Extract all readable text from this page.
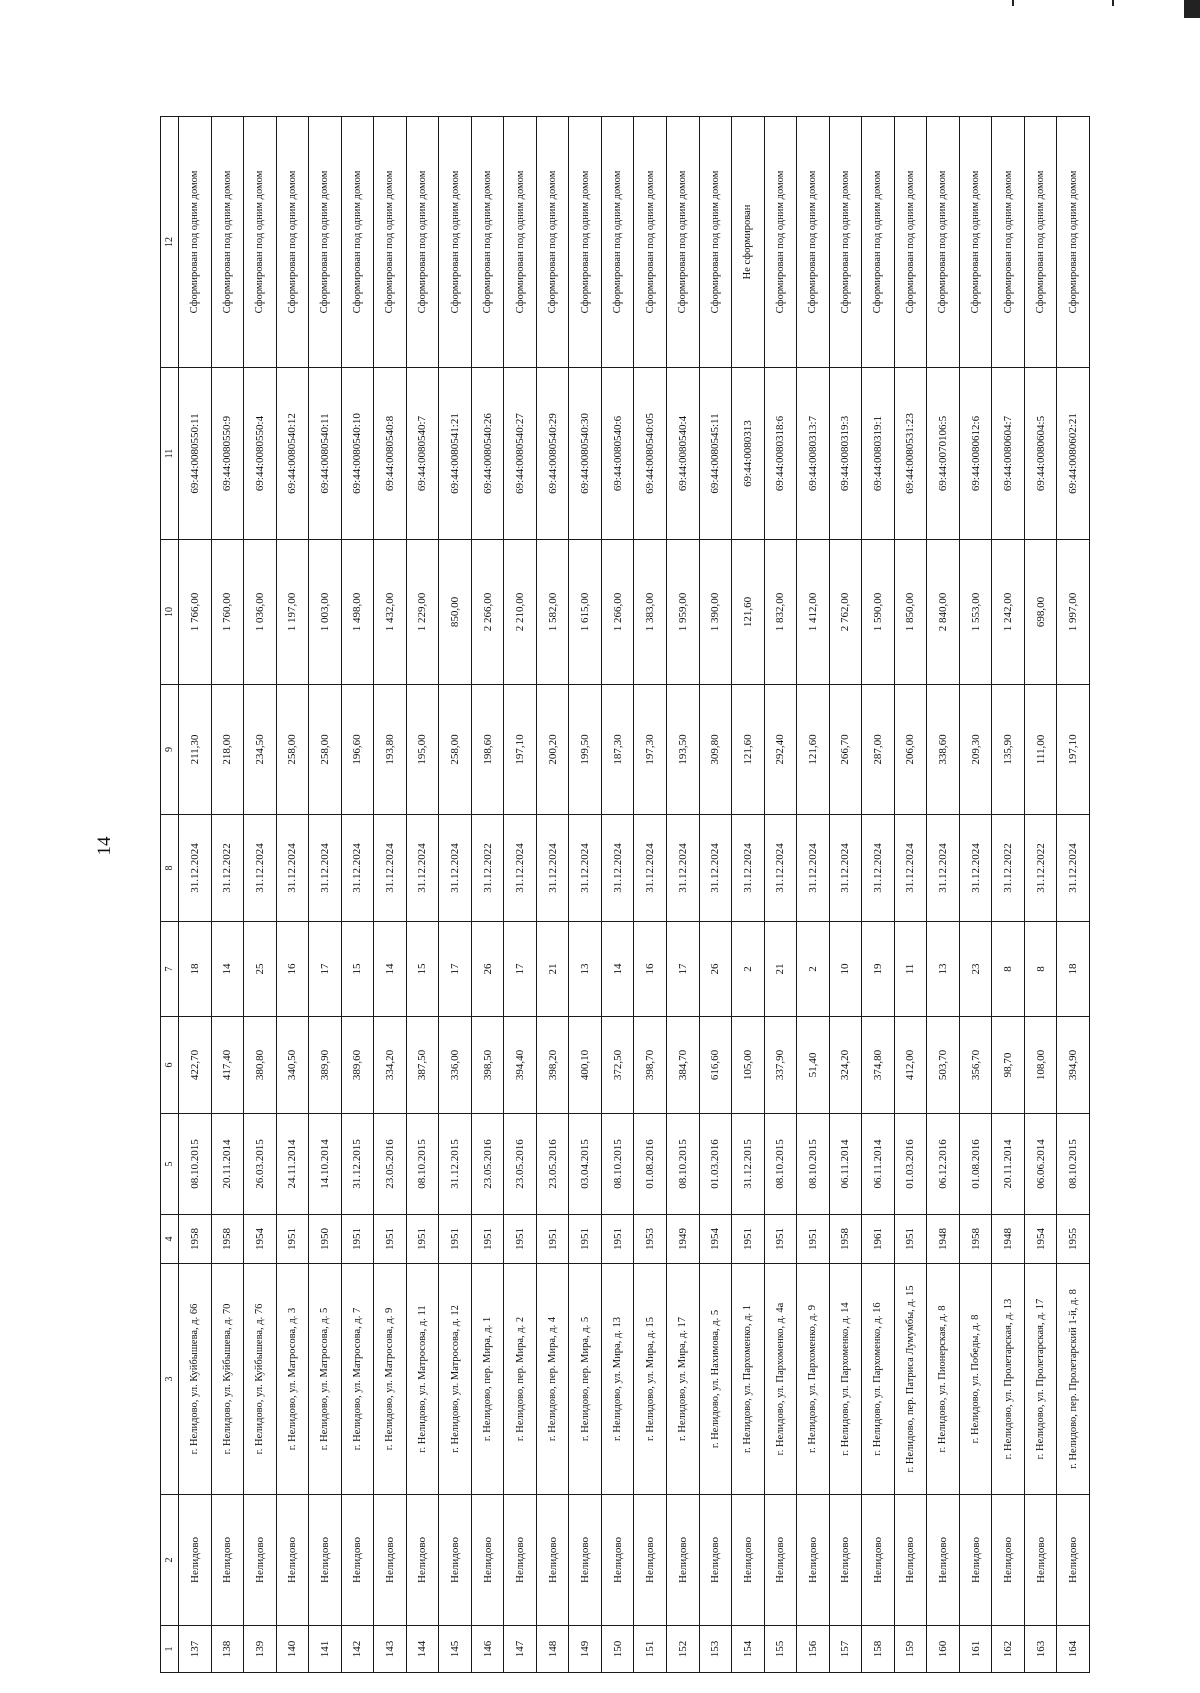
14
1	2	3	4	5	6	7	8	9	10	11	12
137	Нелидово	г. Нелидово, ул. Куйбышева, д. 66	1958	08.10.2015	422,70	18	31.12.2024	211,30	1 766,00	69:44:0080550:11	Сформирован под одним домом
138	Нелидово	г. Нелидово, ул. Куйбышева, д. 70	1958	20.11.2014	417,40	14	31.12.2022	218,00	1 760,00	69:44:0080550:9	Сформирован под одним домом
139	Нелидово	г. Нелидово, ул. Куйбышева, д. 76	1954	26.03.2015	380,80	25	31.12.2024	234,50	1 036,00	69:44:0080550:4	Сформирован под одним домом
140	Нелидово	г. Нелидово, ул. Матросова, д. 3	1951	24.11.2014	340,50	16	31.12.2024	258,00	1 197,00	69:44:0080540:12	Сформирован под одним домом
141	Нелидово	г. Нелидово, ул. Матросова, д. 5	1950	14.10.2014	389,90	17	31.12.2024	258,00	1 003,00	69:44:0080540:11	Сформирован под одним домом
142	Нелидово	г. Нелидово, ул. Матросова, д. 7	1951	31.12.2015	389,60	15	31.12.2024	196,60	1 498,00	69:44:0080540:10	Сформирован под одним домом
143	Нелидово	г. Нелидово, ул. Матросова, д. 9	1951	23.05.2016	334,20	14	31.12.2024	193,80	1 432,00	69:44:0080540:8	Сформирован под одним домом
144	Нелидово	г. Нелидово, ул. Матросова, д. 11	1951	08.10.2015	387,50	15	31.12.2024	195,00	1 229,00	69:44:0080540:7	Сформирован под одним домом
145	Нелидово	г. Нелидово, ул. Матросова, д. 12	1951	31.12.2015	336,00	17	31.12.2024	258,00	850,00	69:44:0080541:21	Сформирован под одним домом
146	Нелидово	г. Нелидово, пер. Мира, д. 1	1951	23.05.2016	398,50	26	31.12.2022	198,60	2 266,00	69:44:0080540:26	Сформирован под одним домом
147	Нелидово	г. Нелидово, пер. Мира, д. 2	1951	23.05.2016	394,40	17	31.12.2024	197,10	2 210,00	69:44:0080540:27	Сформирован под одним домом
148	Нелидово	г. Нелидово, пер. Мира, д. 4	1951	23.05.2016	398,20	21	31.12.2024	200,20	1 582,00	69:44:0080540:29	Сформирован под одним домом
149	Нелидово	г. Нелидово, пер. Мира, д. 5	1951	03.04.2015	400,10	13	31.12.2024	199,50	1 615,00	69:44:0080540:30	Сформирован под одним домом
150	Нелидово	г. Нелидово, ул. Мира, д. 13	1951	08.10.2015	372,50	14	31.12.2024	187,30	1 266,00	69:44:0080540:6	Сформирован под одним домом
151	Нелидово	г. Нелидово, ул. Мира, д. 15	1953	01.08.2016	398,70	16	31.12.2024	197,30	1 383,00	69:44:0080540:05	Сформирован под одним домом
152	Нелидово	г. Нелидово, ул. Мира, д. 17	1949	08.10.2015	384,70	17	31.12.2024	193,50	1 959,00	69:44:0080540:4	Сформирован под одним домом
153	Нелидово	г. Нелидово, ул. Нахимова, д. 5	1954	01.03.2016	616,60	26	31.12.2024	309,80	1 390,00	69:44:0080545:11	Сформирован под одним домом
154	Нелидово	г. Нелидово, ул. Пархоменко, д. 1	1951	31.12.2015	105,00	2	31.12.2024	121,60	121,60	69:44:0080313	Не сформирован
155	Нелидово	г. Нелидово, ул. Пархоменко, д. 4а	1951	08.10.2015	337,90	21	31.12.2024	292,40	1 832,00	69:44:0080318:6	Сформирован под одним домом
156	Нелидово	г. Нелидово, ул. Пархоменко, д. 9	1951	08.10.2015	51,40	2	31.12.2024	121,60	1 412,00	69:44:0080313:7	Сформирован под одним домом
157	Нелидово	г. Нелидово, ул. Пархоменко, д. 14	1958	06.11.2014	324,20	10	31.12.2024	266,70	2 762,00	69:44:0080319:3	Сформирован под одним домом
158	Нелидово	г. Нелидово, ул. Пархоменко, д. 16	1961	06.11.2014	374,80	19	31.12.2024	287,00	1 590,00	69:44:0080319:1	Сформирован под одним домом
159	Нелидово	г. Нелидово, пер. Патриса Лумумбы, д. 15	1951	01.03.2016	412,00	11	31.12.2024	206,00	1 850,00	69:44:0080531:23	Сформирован под одним домом
160	Нелидово	г. Нелидово, ул. Пионерская, д. 8	1948	06.12.2016	503,70	13	31.12.2024	338,60	2 840,00	69:44:0070106:5	Сформирован под одним домом
161	Нелидово	г. Нелидово, ул. Победы, д. 8	1958	01.08.2016	356,70	23	31.12.2024	209,30	1 553,00	69:44:0080612:6	Сформирован под одним домом
162	Нелидово	г. Нелидово, ул. Пролетарская, д. 13	1948	20.11.2014	98,70	8	31.12.2022	135,90	1 242,00	69:44:0080604:7	Сформирован под одним домом
163	Нелидово	г. Нелидово, ул. Пролетарская, д. 17	1954	06.06.2014	108,00	8	31.12.2022	111,00	698,00	69:44:0080604:5	Сформирован под одним домом
164	Нелидово	г. Нелидово, пер. Пролетарский 1-й, д. 8	1955	08.10.2015	394,90	18	31.12.2024	197,10	1 997,00	69:44:0080602:21	Сформирован под одним домом
